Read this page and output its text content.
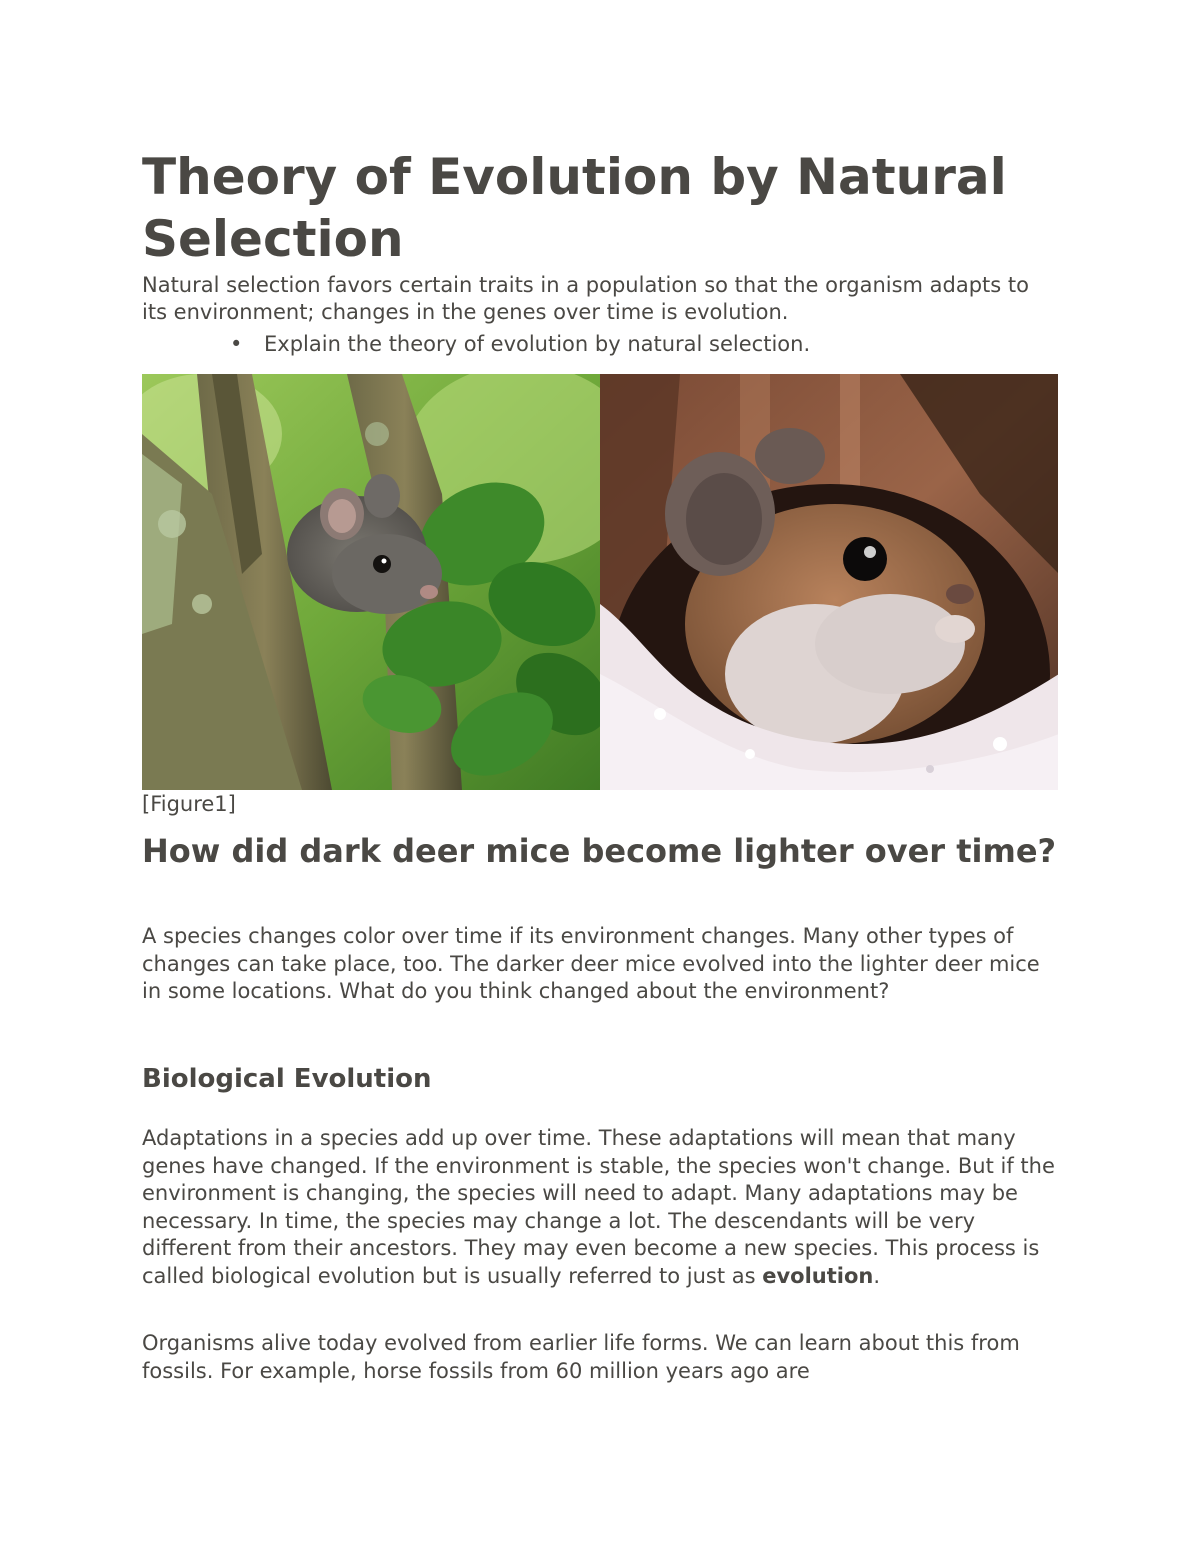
Theory of Evolution by Natural Selection

Natural selection favors certain traits in a population so that the organism adapts to its environment; changes in the genes over time is evolution.

•	Explain the theory of evolution by natural selection.

[Figure1]

How did dark deer mice become lighter over time?

A species changes color over time if its environment changes. Many other types of changes can take place, too. The darker deer mice evolved into the lighter deer mice in some locations. What do you think changed about the environment?

Biological Evolution

Adaptations in a species add up over time. These adaptations will mean that many genes have changed. If the environment is stable, the species won't change. But if the environment is changing, the species will need to adapt. Many adaptations may be necessary. In time, the species may change a lot. The descendants will be very different from their ancestors. They may even become a new species. This process is called biological evolution but is usually referred to just as evolution.

Organisms alive today evolved from earlier life forms. We can learn about this from fossils. For example, horse fossils from 60 million years ago are
